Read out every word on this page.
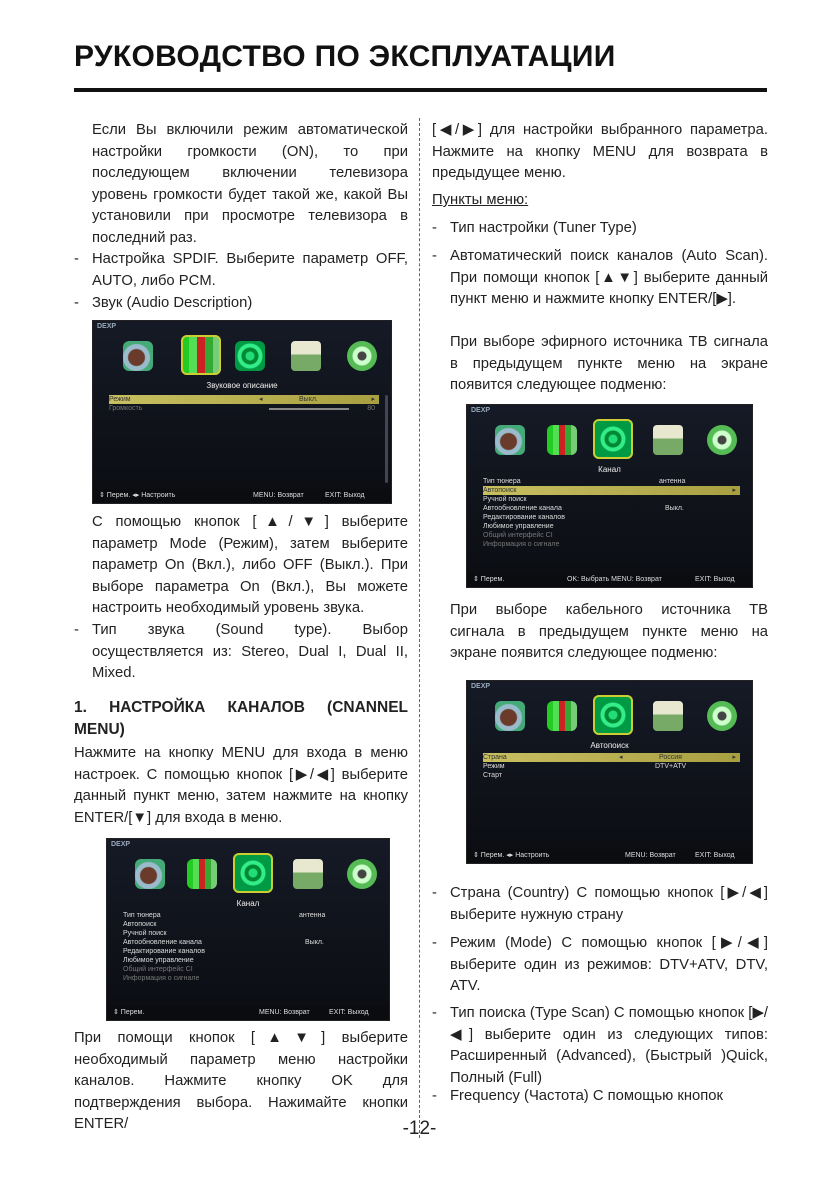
РУКОВОДСТВО ПО ЭКСПЛУАТАЦИИ

Если Вы включили режим автоматической настройки громкости (ON), то при последующем включении телевизора уровень громкости будет такой же, какой Вы установили при просмотре телевизора в последний раз.

- Настройка SPDIF. Выберите параметр OFF, AUTO, либо PCM.
- Звук (Audio Description)
DEXP
Звуковое описание
Режим	◂	Выкл.	▸
Громкость	80
⇕ Перем. ◂▸ Настроить	MENU: Возврат	EXIT: Выход

С помощью кнопок [▲/▼] выберите параметр Mode (Режим), затем выберите параметр On (Вкл.), либо OFF (Выкл.). При выборе параметра On (Вкл.), Вы можете настроить необходимый уровень звука.

- Тип звука (Sound type). Выбор осуществляется из: Stereo, Dual I, Dual II, Mixed.

1. НАСТРОЙКА КАНАЛОВ (CNANNEL MENU)

Нажмите на кнопку MENU для входа в меню настроек. С помощью кнопок [▶/◀] выберите данный пункт меню, затем нажмите на кнопку ENTER/[▼] для входа в меню.

DEXP
Канал
Тип тюнера	антенна
Автопоиск
Ручной поиск
Автообновление канала	Выкл.
Редактирование каналов
Любимое управление
Общий интерфейс CI
Информация о сигнале
⇕ Перем.	MENU: Возврат	EXIT: Выход

При помощи кнопок [▲▼] выберите необходимый параметр меню настройки каналов. Нажмите кнопку OK для подтверждения выбора. Нажимайте кнопки ENTER/

[◀/▶] для настройки выбранного параметра. Нажмите на кнопку MENU для возврата в предыдущее меню.

Пункты меню:

- Тип настройки (Tuner Type)
- Автоматический поиск каналов (Auto Scan). При помощи кнопок [▲▼] выберите данный пункт меню и нажмите кнопку ENTER/[▶].

При выборе эфирного источника ТВ сигнала в предыдущем пункте меню на экране появится следующее подменю:

DEXP
Канал
Тип тюнера	антенна
Автопоиск	▸
Ручной поиск
Автообновление канала	Выкл.
Редактирование каналов
Любимое управление
Общий интерфейс CI
Информация о сигнале
⇕ Перем.	OK: Выбрать MENU: Возврат	EXIT: Выход

При выборе кабельного источника ТВ сигнала в предыдущем пункте меню на экране появится следующее подменю:

DEXP
Автопоиск
Страна	◂	Россия	▸
Режим	DTV+ATV
Старт
⇕ Перем. ◂▸ Настроить	MENU: Возврат	EXIT: Выход
- Страна (Country) С помощью кнопок [▶/◀] выберите нужную страну
- Режим (Mode) С помощью кнопок [▶/◀] выберите один из режимов: DTV+ATV, DTV, ATV.
- Тип поиска (Type Scan) С помощью кнопок [▶/◀] выберите один из следующих типов: Расширенный (Advanced), (Быстрый )Quick, Полный (Full)
- Frequency (Частота) С помощью кнопок
-12-
